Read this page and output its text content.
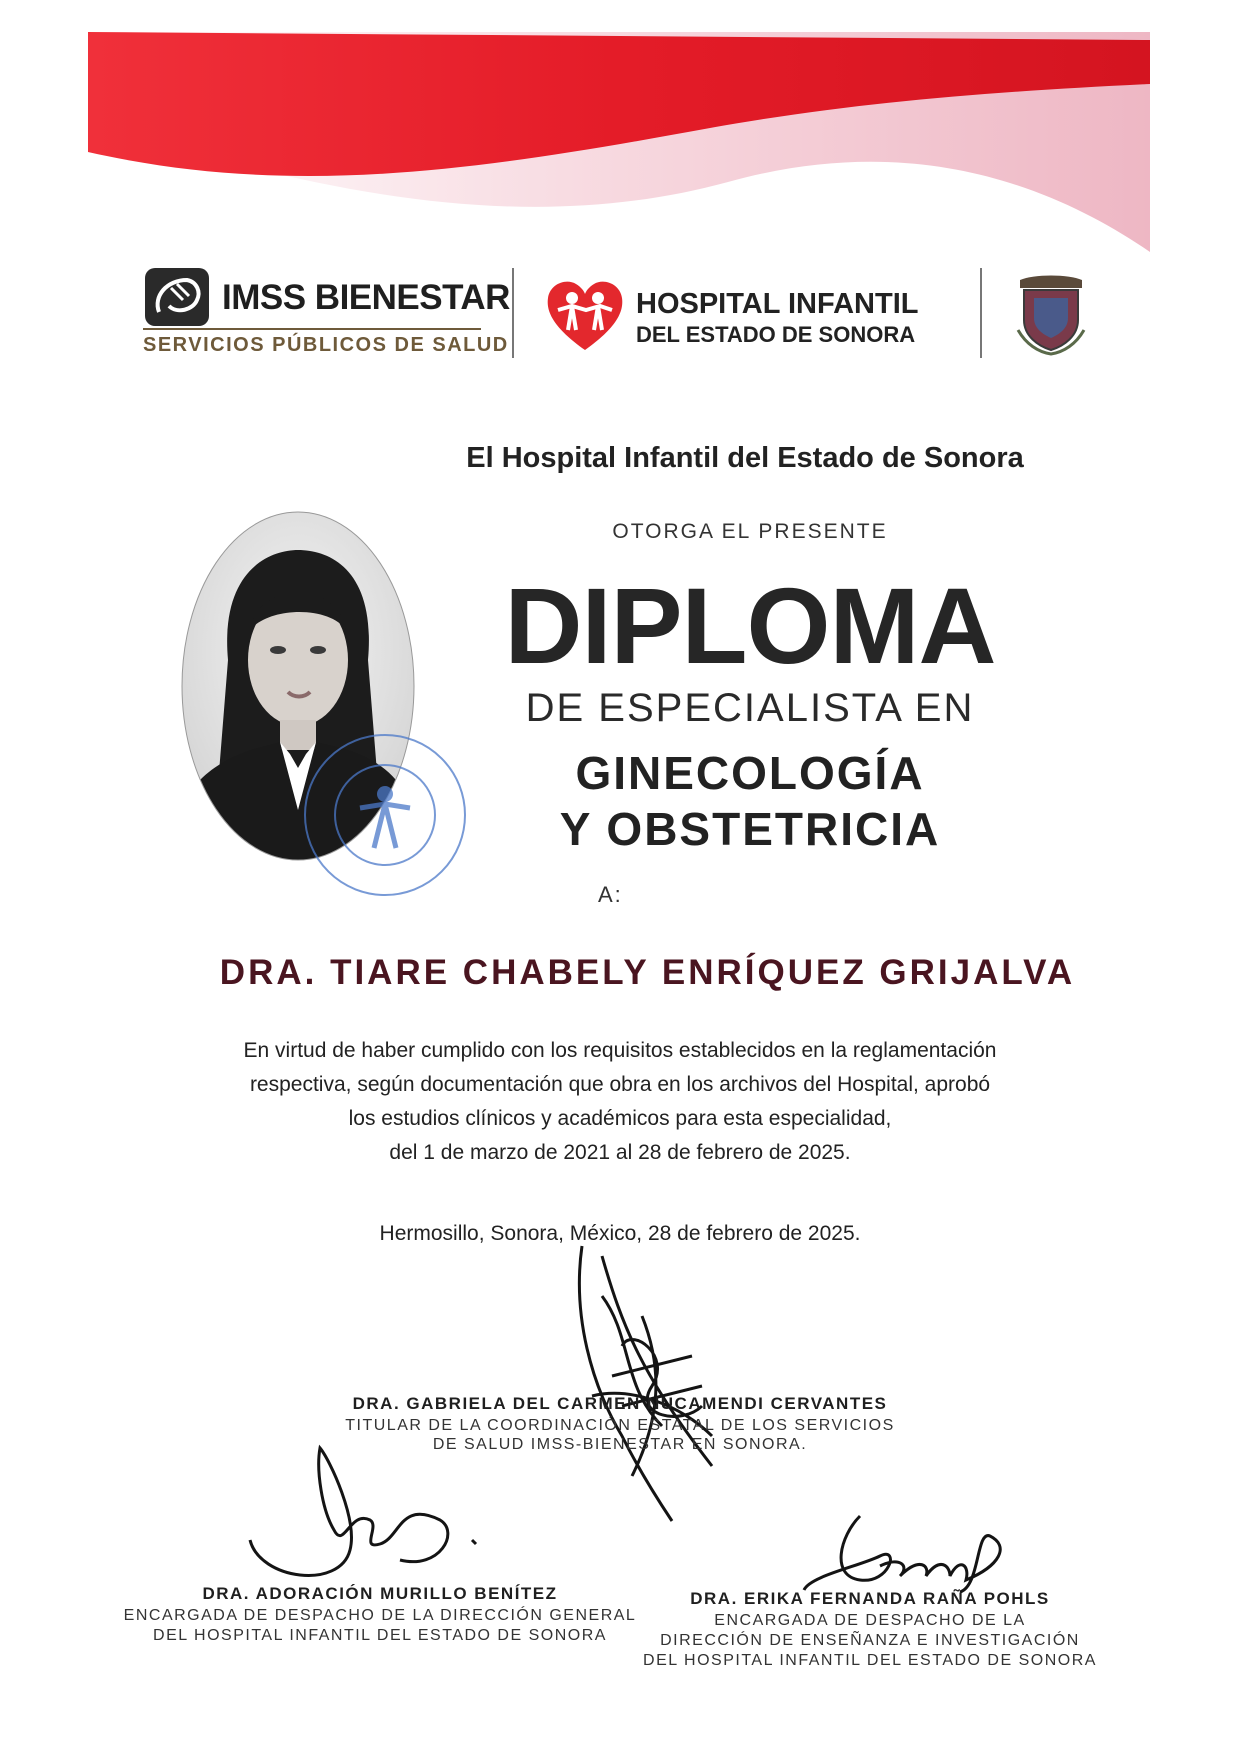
IMSS BIENESTAR
SERVICIOS PÚBLICOS DE SALUD
HOSPITAL INFANTIL
DEL ESTADO DE SONORA
El Hospital Infantil del Estado de Sonora
OTORGA EL PRESENTE
DIPLOMA
DE ESPECIALISTA EN
GINECOLOGÍA
Y OBSTETRICIA
A:
DRA. TIARE CHABELY ENRÍQUEZ GRIJALVA
En virtud de haber cumplido con los requisitos establecidos en la reglamentación
respectiva, según documentación que obra en los archivos del Hospital, aprobó
los estudios clínicos y académicos para esta especialidad,
del 1 de marzo de 2021 al 28 de febrero de 2025.
Hermosillo, Sonora, México, 28 de febrero de 2025.
DRA. GABRIELA DEL CARMEN NUCAMENDI CERVANTES
TITULAR DE LA COORDINACIÓN ESTATAL DE LOS SERVICIOS
DE SALUD IMSS-BIENESTAR EN SONORA.
DRA. ADORACIÓN MURILLO BENÍTEZ
ENCARGADA DE DESPACHO DE LA DIRECCIÓN GENERAL
DEL HOSPITAL INFANTIL DEL ESTADO DE SONORA
DRA. ERIKA FERNANDA RAÑA POHLS
ENCARGADA DE DESPACHO DE LA
DIRECCIÓN DE ENSEÑANZA E INVESTIGACIÓN
DEL HOSPITAL INFANTIL DEL ESTADO DE SONORA
